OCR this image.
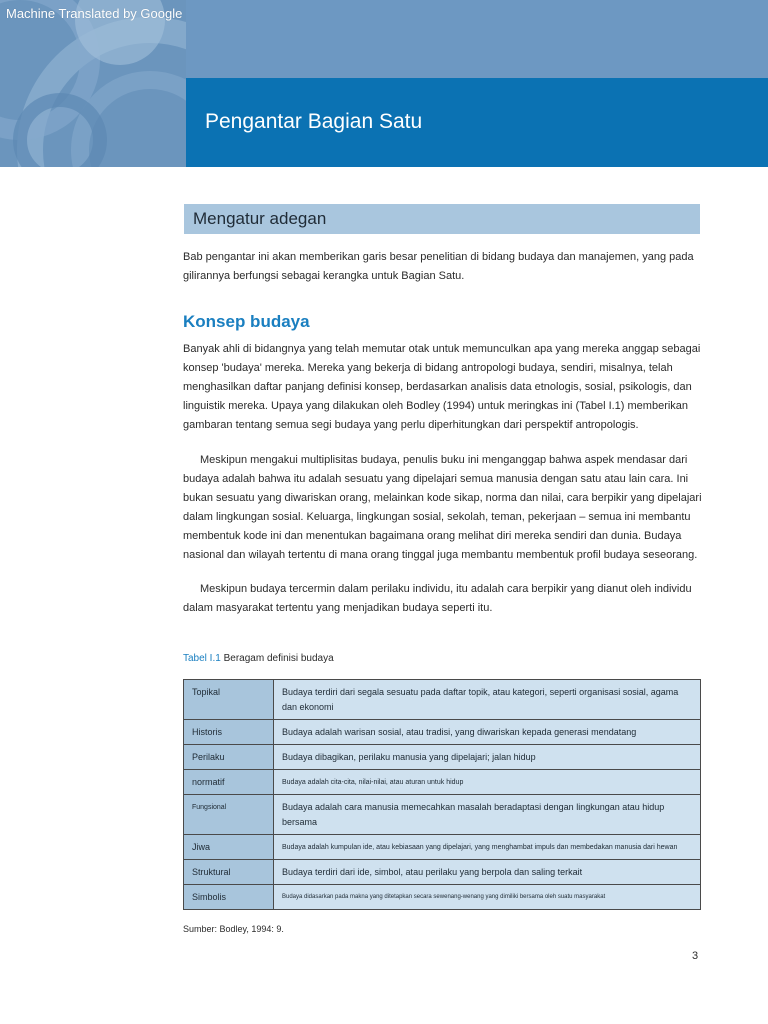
Machine Translated by Google
Pengantar Bagian Satu
Mengatur adegan

Bab pengantar ini akan memberikan garis besar penelitian di bidang budaya dan manajemen, yang pada gilirannya berfungsi sebagai kerangka untuk Bagian Satu.

Konsep budaya

Banyak ahli di bidangnya yang telah memutar otak untuk memunculkan apa yang mereka anggap sebagai konsep 'budaya' mereka. Mereka yang bekerja di bidang antropologi budaya, sendiri, misalnya, telah menghasilkan daftar panjang definisi konsep, berdasarkan analisis data etnologis, sosial, psikologis, dan linguistik mereka. Upaya yang dilakukan oleh Bodley (1994) untuk meringkas ini (Tabel I.1) memberikan gambaran tentang semua segi budaya yang perlu diperhitungkan dari perspektif antropologis.

Meskipun mengakui multiplisitas budaya, penulis buku ini menganggap bahwa aspek mendasar dari budaya adalah bahwa itu adalah sesuatu yang dipelajari semua manusia dengan satu atau lain cara. Ini bukan sesuatu yang diwariskan orang, melainkan kode sikap, norma dan nilai, cara berpikir yang dipelajari dalam lingkungan sosial. Keluarga, lingkungan sosial, sekolah, teman, pekerjaan – semua ini membantu membentuk kode ini dan menentukan bagaimana orang melihat diri mereka sendiri dan dunia. Budaya nasional dan wilayah tertentu di mana orang tinggal juga membantu membentuk profil budaya seseorang.

Meskipun budaya tercermin dalam perilaku individu, itu adalah cara berpikir yang dianut oleh individu dalam masyarakat tertentu yang menjadikan budaya seperti itu.

Tabel I.1 Beragam definisi budaya
Topikal	Budaya terdiri dari segala sesuatu pada daftar topik, atau kategori, seperti organisasi sosial, agama dan ekonomi
Historis	Budaya adalah warisan sosial, atau tradisi, yang diwariskan kepada generasi mendatang
Perilaku	Budaya dibagikan, perilaku manusia yang dipelajari; jalan hidup
normatif	Budaya adalah cita-cita, nilai-nilai, atau aturan untuk hidup
Fungsional	Budaya adalah cara manusia memecahkan masalah beradaptasi dengan lingkungan atau hidup bersama
Jiwa	Budaya adalah kumpulan ide, atau kebiasaan yang dipelajari, yang menghambat impuls dan membedakan manusia dari hewan
Struktural	Budaya terdiri dari ide, simbol, atau perilaku yang berpola dan saling terkait
Simbolis	Budaya didasarkan pada makna yang ditetapkan secara sewenang-wenang yang dimiliki bersama oleh suatu masyarakat
Sumber: Bodley, 1994: 9.
3
